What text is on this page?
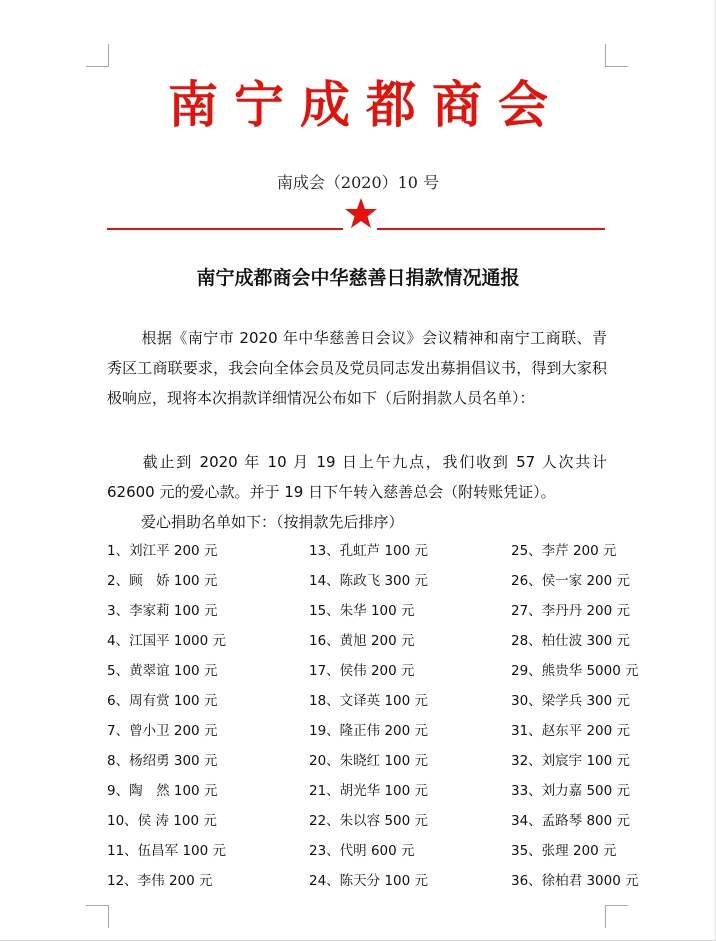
南宁成都商会
南成会（2020）10 号
南宁成都商会中华慈善日捐款情况通报
根据《南宁市 2020 年中华慈善日会议》会议精神和南宁工商联、青秀区工商联要求，我会向全体会员及党员同志发出募捐倡议书，得到大家积极响应，现将本次捐款详细情况公布如下（后附捐款人员名单）：
截止到 2020 年 10 月 19 日上午九点，我们收到 57 人次共计 62600 元的爱心款。并于 19 日下午转入慈善总会（附转账凭证）。
爱心捐助名单如下：（按捐款先后排序）
1、刘江平 200 元
2、顾　娇 100 元
3、李家莉 100 元
4、江国平 1000 元
5、黄翠谊 100 元
6、周有赏 100 元
7、曾小卫 200 元
8、杨绍勇 300 元
9、陶　然 100 元
10、侯 涛 100 元
11、伍昌军 100 元
12、李伟 200 元
13、孔虹芦 100 元
14、陈政飞 300 元
15、朱华 100 元
16、黄旭 200 元
17、侯伟 200 元
18、文译英 100 元
19、隆正伟 200 元
20、朱晓红 100 元
21、胡光华 100 元
22、朱以容 500 元
23、代明 600 元
24、陈天分 100 元
25、李芹 200 元
26、侯一家 200 元
27、李丹丹 200 元
28、柏仕波 300 元
29、熊贵华 5000 元
30、梁学兵 300 元
31、赵东平 200 元
32、刘宸宇 100 元
33、刘力嘉 500 元
34、孟路琴 800 元
35、张理 200 元
36、徐柏君 3000 元
